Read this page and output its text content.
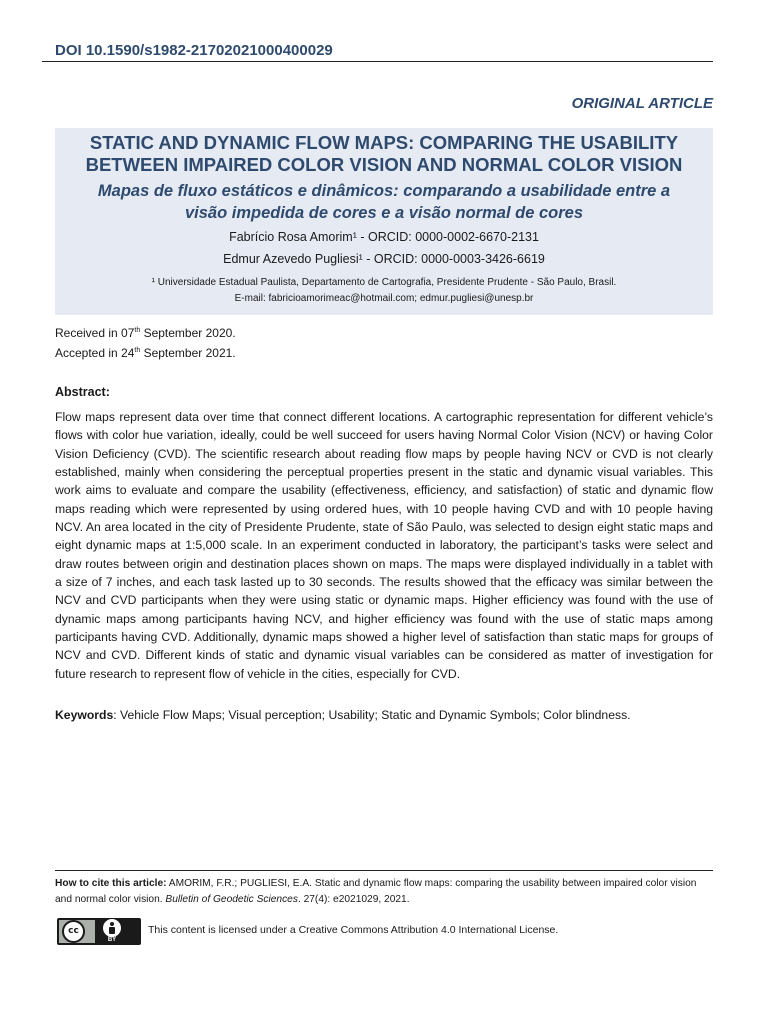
DOI 10.1590/s1982-21702021000400029
ORIGINAL ARTICLE
STATIC AND DYNAMIC FLOW MAPS: COMPARING THE USABILITY
BETWEEN IMPAIRED COLOR VISION AND NORMAL COLOR VISION
Mapas de fluxo estáticos e dinâmicos: comparando a usabilidade entre a
visão impedida de cores e a visão normal de cores
Fabrício Rosa Amorim¹ - ORCID: 0000-0002-6670-2131
Edmur Azevedo Pugliesi¹ - ORCID: 0000-0003-3426-6619
¹ Universidade Estadual Paulista, Departamento de Cartografia, Presidente Prudente - São Paulo, Brasil.
E-mail: fabricioamorimeac@hotmail.com; edmur.pugliesi@unesp.br
Received in 07th September 2020.
Accepted in 24th September 2021.
Abstract:
Flow maps represent data over time that connect different locations. A cartographic representation for different vehicle’s flows with color hue variation, ideally, could be well succeed for users having Normal Color Vision (NCV) or having Color Vision Deficiency (CVD). The scientific research about reading flow maps by people having NCV or CVD is not clearly established, mainly when considering the perceptual properties present in the static and dynamic visual variables. This work aims to evaluate and compare the usability (effectiveness, efficiency, and satisfaction) of static and dynamic flow maps reading which were represented by using ordered hues, with 10 people having CVD and with 10 people having NCV. An area located in the city of Presidente Prudente, state of São Paulo, was selected to design eight static maps and eight dynamic maps at 1:5,000 scale. In an experiment conducted in laboratory, the participant’s tasks were select and draw routes between origin and destination places shown on maps. The maps were displayed individually in a tablet with a size of 7 inches, and each task lasted up to 30 seconds. The results showed that the efficacy was similar between the NCV and CVD participants when they were using static or dynamic maps. Higher efficiency was found with the use of dynamic maps among participants having NCV, and higher efficiency was found with the use of static maps among participants having CVD. Additionally, dynamic maps showed a higher level of satisfaction than static maps for groups of NCV and CVD. Different kinds of static and dynamic visual variables can be considered as matter of investigation for future research to represent flow of vehicle in the cities, especially for CVD.
Keywords: Vehicle Flow Maps; Visual perception; Usability; Static and Dynamic Symbols; Color blindness.
How to cite this article: AMORIM, F.R.; PUGLIESI, E.A. Static and dynamic flow maps: comparing the usability between impaired color vision and normal color vision. Bulletin of Geodetic Sciences. 27(4): e2021029, 2021.
cc
BY
This content is licensed under a Creative Commons Attribution 4.0 International License.
